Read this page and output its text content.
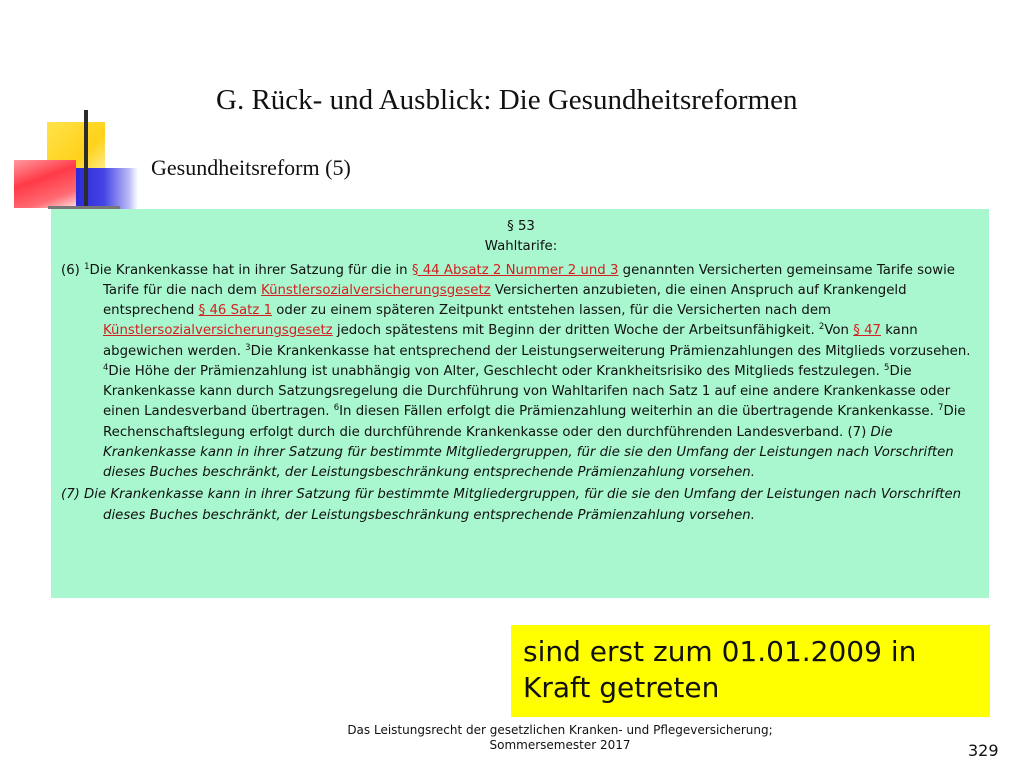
G. Rück- und Ausblick: Die Gesundheitsreformen
Gesundheitsreform (5)

§ 53

Wahltarife:

(6) $^1$Die Krankenkasse hat in ihrer Satzung für die in § 44 Absatz 2 Nummer 2 und 3 genannten Versicherten gemeinsame Tarife sowie Tarife für die nach dem Künstlersozialversicherungsgesetz Versicherten anzubieten, die einen Anspruch auf Krankengeld entsprechend § 46 Satz 1 oder zu einem späteren Zeitpunkt entstehen lassen, für die Versicherten nach dem Künstlersozialversicherungsgesetz jedoch spätestens mit Beginn der dritten Woche der Arbeitsunfähigkeit. $^2$Von § 47 kann abgewichen werden. $^3$Die Krankenkasse hat entsprechend der Leistungserweiterung Prämienzahlungen des Mitglieds vorzusehen. $^4$Die Höhe der Prämienzahlung ist unabhängig von Alter, Geschlecht oder Krankheitsrisiko des Mitglieds festzulegen. $^5$Die Krankenkasse kann durch Satzungsregelung die Durchführung von Wahltarifen nach Satz 1 auf eine andere Krankenkasse oder einen Landesverband übertragen. $^6$In diesen Fällen erfolgt die Prämienzahlung weiterhin an die übertragende Krankenkasse. $^7$Die Rechenschaftslegung erfolgt durch die durchführende Krankenkasse oder den durchführenden Landesverband. (7) Die Krankenkasse kann in ihrer Satzung für bestimmte Mitgliedergruppen, für die sie den Umfang der Leistungen nach Vorschriften dieses Buches beschränkt, der Leistungsbeschränkung entsprechende Prämienzahlung vorsehen.

(7) Die Krankenkasse kann in ihrer Satzung für bestimmte Mitgliedergruppen, für die sie den Umfang der Leistungen nach Vorschriften dieses Buches beschränkt, der Leistungsbeschränkung entsprechende Prämienzahlung vorsehen.

sind erst zum 01.01.2009 in
Kraft getreten
Das Leistungsrecht der gesetzlichen Kranken- und Pflegeversicherung;
Sommersemester 2017	329
